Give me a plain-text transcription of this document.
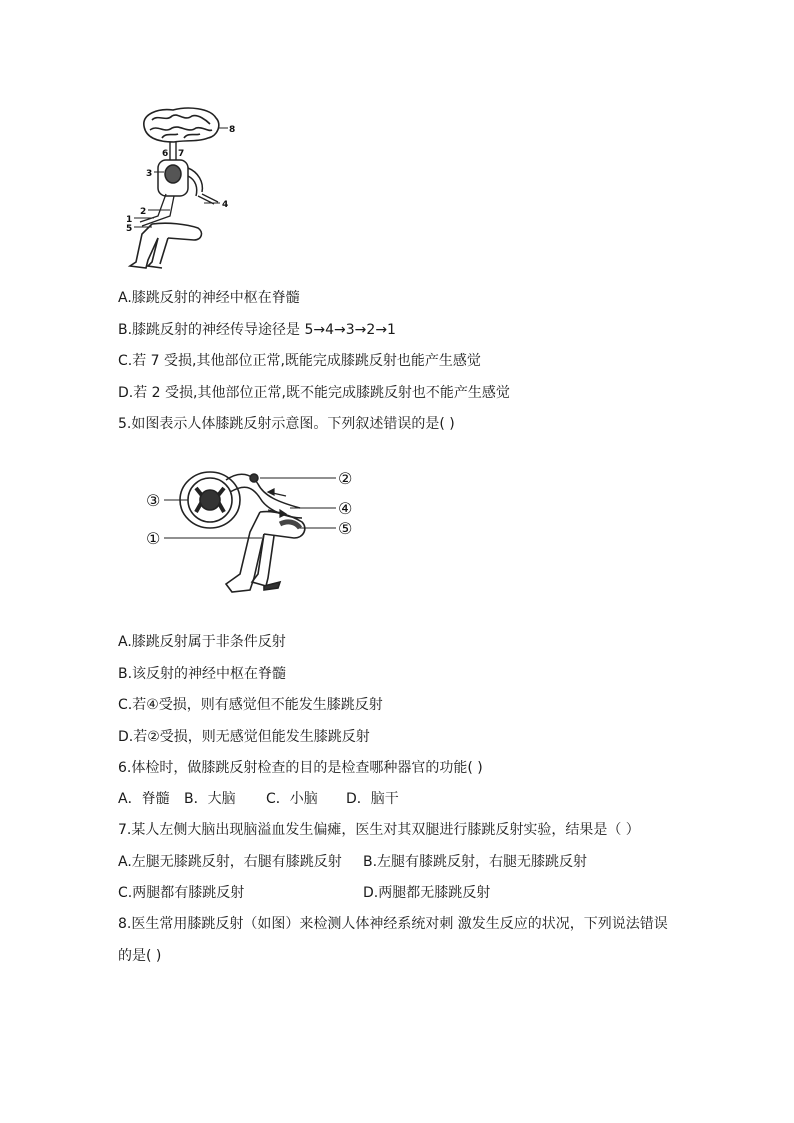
8
6 7
3
2
4
1
5
A.膝跳反射的神经中枢在脊髓
B.膝跳反射的神经传导途径是 5→4→3→2→1
C.若 7 受损,其他部位正常,既能完成膝跳反射也能产生感觉
D.若 2 受损,其他部位正常,既不能完成膝跳反射也不能产生感觉
5.如图表示人体膝跳反射示意图。下列叙述错误的是( )
②
③	④
⑤
①
A.膝跳反射属于非条件反射
B.该反射的神经中枢在脊髓
C.若④受损，则有感觉但不能发生膝跳反射
D.若②受损，则无感觉但能发生膝跳反射
6.体检时，做膝跳反射检查的目的是检查哪种器官的功能( )
A．脊髓 B．大脑 C．小脑 D．脑干
7.某人左侧大脑出现脑溢血发生偏瘫，医生对其双腿进行膝跳反射实验，结果是（ ）
A.左腿无膝跳反射，右腿有膝跳反射 B.左腿有膝跳反射，右腿无膝跳反射
C.两腿都有膝跳反射	D.两腿都无膝跳反射
8.医生常用膝跳反射（如图）来检测人体神经系统对刺 激发生反应的状况，下列说法错误
的是( )
